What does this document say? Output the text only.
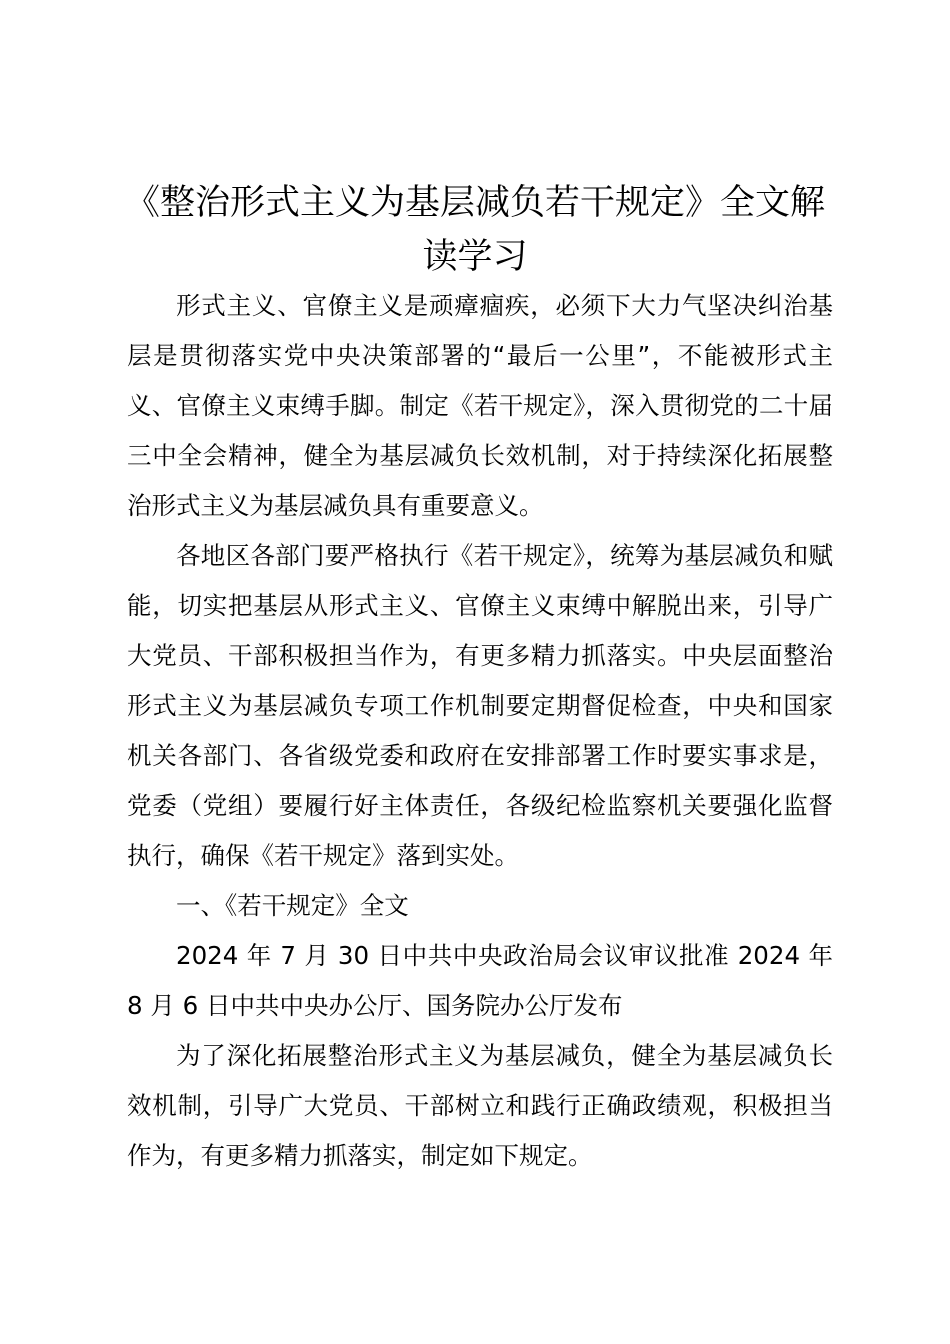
《整治形式主义为基层减负若干规定》全文解读学习

形式主义、官僚主义是顽瘴痼疾，必须下大力气坚决纠治基层是贯彻落实党中央决策部署的“最后一公里”，不能被形式主义、官僚主义束缚手脚。制定《若干规定》，深入贯彻党的二十届三中全会精神，健全为基层减负长效机制，对于持续深化拓展整治形式主义为基层减负具有重要意义。

各地区各部门要严格执行《若干规定》，统筹为基层减负和赋能，切实把基层从形式主义、官僚主义束缚中解脱出来，引导广大党员、干部积极担当作为，有更多精力抓落实。中央层面整治形式主义为基层减负专项工作机制要定期督促检查，中央和国家机关各部门、各省级党委和政府在安排部署工作时要实事求是，党委（党组）要履行好主体责任，各级纪检监察机关要强化监督执行，确保《若干规定》落到实处。

一、《若干规定》全文

2024 年 7 月 30 日中共中央政治局会议审议批准 2024 年 8 月 6 日中共中央办公厅、国务院办公厅发布

为了深化拓展整治形式主义为基层减负，健全为基层减负长效机制，引导广大党员、干部树立和践行正确政绩观，积极担当作为，有更多精力抓落实，制定如下规定。
